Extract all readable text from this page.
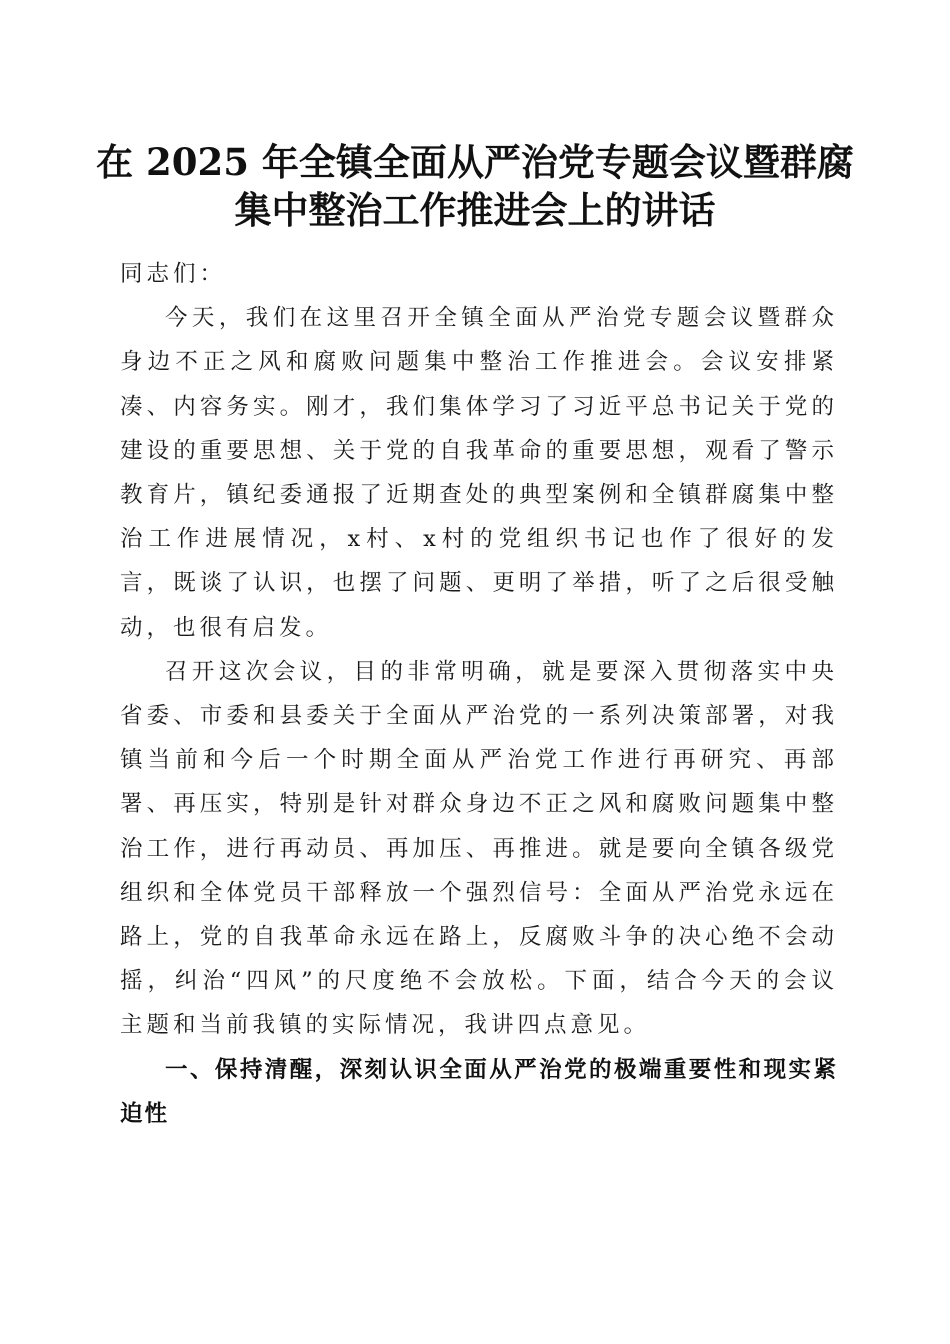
在 2025 年全镇全面从严治党专题会议暨群腐
集中整治工作推进会上的讲话

同志们：

今天，我们在这里召开全镇全面从严治党专题会议暨群众身边不正之风和腐败问题集中整治工作推进会。会议安排紧凑、内容务实。刚才，我们集体学习了习近平总书记关于党的建设的重要思想、关于党的自我革命的重要思想，观看了警示教育片，镇纪委通报了近期查处的典型案例和全镇群腐集中整治工作进展情况，x村、x村的党组织书记也作了很好的发言，既谈了认识，也摆了问题、更明了举措，听了之后很受触动，也很有启发。

召开这次会议，目的非常明确，就是要深入贯彻落实中央省委、市委和县委关于全面从严治党的一系列决策部署，对我镇当前和今后一个时期全面从严治党工作进行再研究、再部署、再压实，特别是针对群众身边不正之风和腐败问题集中整治工作，进行再动员、再加压、再推进。就是要向全镇各级党组织和全体党员干部释放一个强烈信号：全面从严治党永远在路上，党的自我革命永远在路上，反腐败斗争的决心绝不会动摇，纠治“四风”的尺度绝不会放松。下面，结合今天的会议主题和当前我镇的实际情况，我讲四点意见。

一、保持清醒，深刻认识全面从严治党的极端重要性和现实紧迫性
